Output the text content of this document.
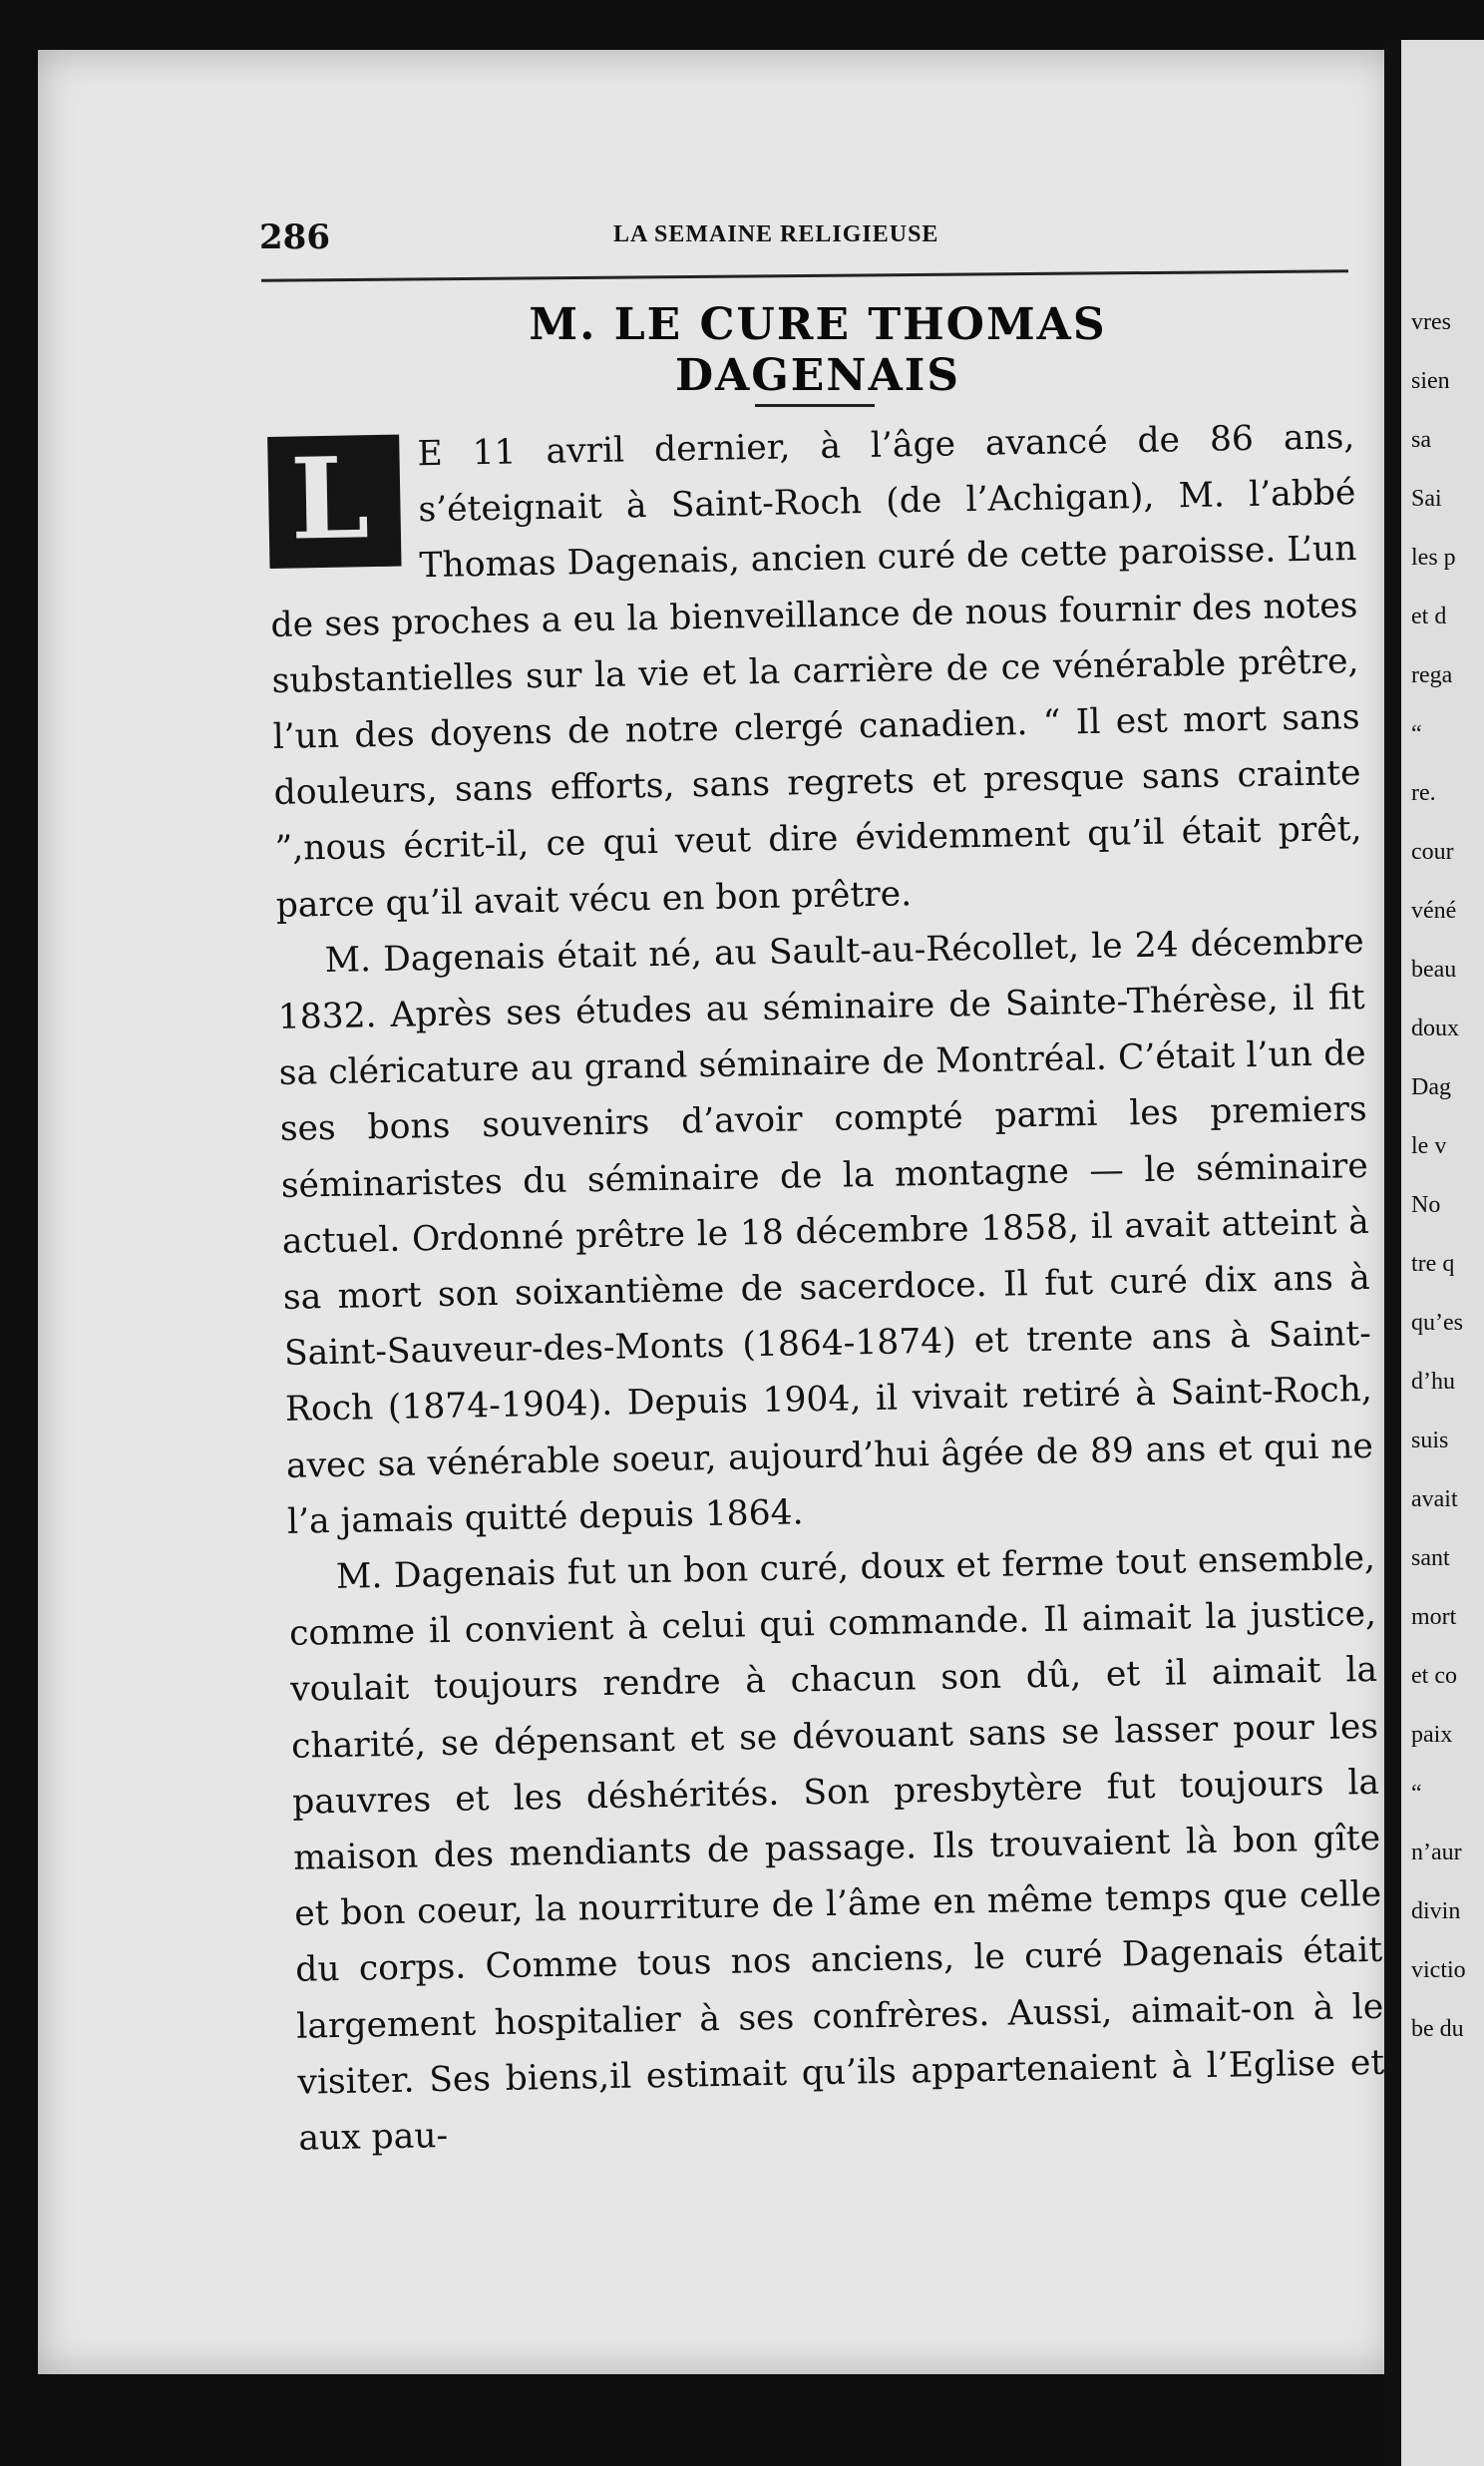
vres
sien
sa
Sai
les p
et d
rega
“
re.
cour
véné
beau
doux
Dag
le v
No
tre q
qu’es
d’hu
suis
avait
sant
mort
et co
paix
“
n’aur
divin
victio
be du
286	LA SEMAINE RELIGIEUSE
M. LE CURE THOMAS DAGENAIS

L E 11 avril dernier, à l’âge avancé de 86 ans, s’éteignait à Saint-Roch (de l’Achigan), M. l’abbé Thomas Dagenais, ancien curé de cette paroisse. L’un de ses proches a eu la bienveillance de nous fournir des notes substantielles sur la vie et la carrière de ce vénérable prêtre, l’un des doyens de notre clergé canadien. “ Il est mort sans douleurs, sans efforts, sans regrets et presque sans crainte ”,nous écrit-il, ce qui veut dire évidemment qu’il était prêt, parce qu’il avait vécu en bon prêtre.

M. Dagenais était né, au Sault-au-Récollet, le 24 décembre 1832. Après ses études au séminaire de Sainte-Thérèse, il fit sa cléricature au grand séminaire de Montréal. C’était l’un de ses bons souvenirs d’avoir compté parmi les premiers séminaristes du séminaire de la montagne — le séminaire actuel. Ordonné prêtre le 18 décembre 1858, il avait atteint à sa mort son soixantième de sacerdoce. Il fut curé dix ans à Saint-Sauveur-des-Monts (1864-1874) et trente ans à Saint-Roch (1874-1904). Depuis 1904, il vivait retiré à Saint-Roch, avec sa vénérable soeur, aujourd’hui âgée de 89 ans et qui ne l’a jamais quitté depuis 1864.

M. Dagenais fut un bon curé, doux et ferme tout ensemble, comme il convient à celui qui commande. Il aimait la justice, voulait toujours rendre à chacun son dû, et il aimait la charité, se dépensant et se dévouant sans se lasser pour les pauvres et les déshérités. Son presbytère fut toujours la maison des mendiants de passage. Ils trouvaient là bon gîte et bon coeur, la nourriture de l’âme en même temps que celle du corps. Comme tous nos anciens, le curé Dagenais était largement hospitalier à ses confrères. Aussi, aimait-on à le visiter. Ses biens,il estimait qu’ils appartenaient à l’Eglise et aux pau-
